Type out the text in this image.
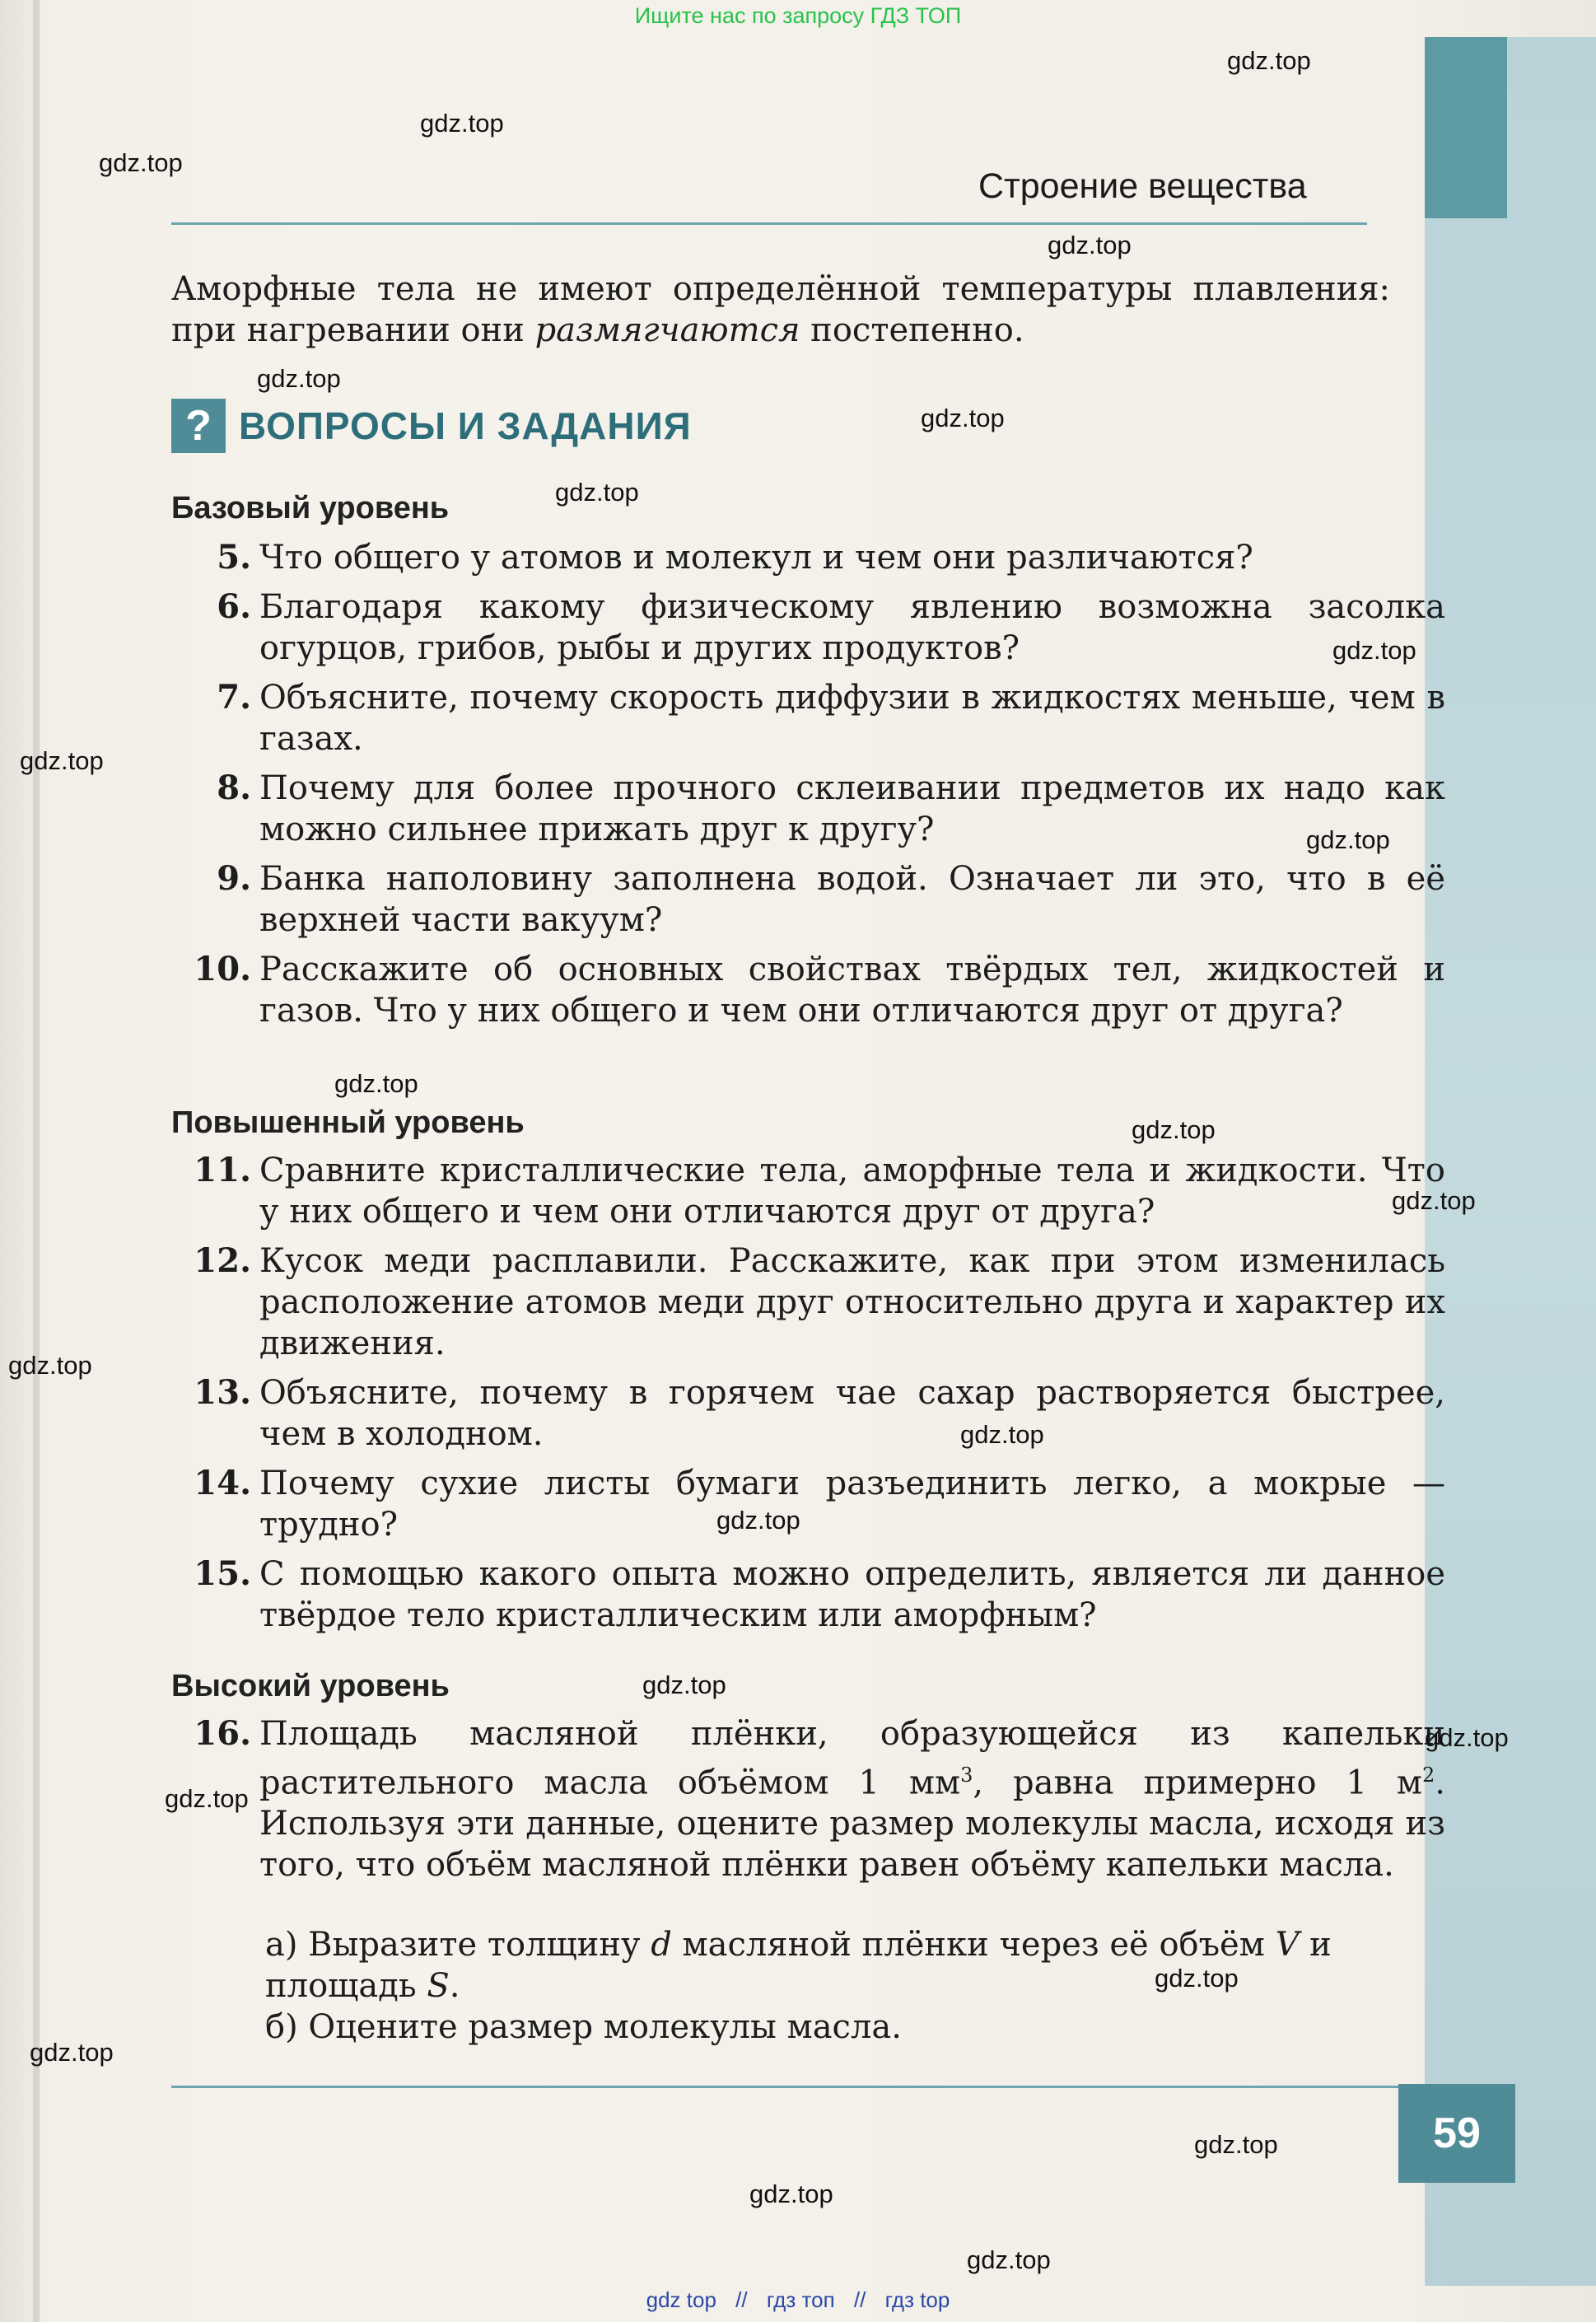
Ищите нас по запросу ГДЗ ТОП
Строение вещества
Аморфные тела не имеют определённой температуры плавления: при нагревании они размягчаются постепенно.
? ВОПРОСЫ И ЗАДАНИЯ
Базовый уровень
5. Что общего у атомов и молекул и чем они различаются?
6. Благодаря какому физическому явлению возможна засолка огурцов, грибов, рыбы и других продуктов?
7. Объясните, почему скорость диффузии в жидкостях меньше, чем в газах.
8. Почему для более прочного склеивании предметов их надо как можно сильнее прижать друг к другу?
9. Банка наполовину заполнена водой. Означает ли это, что в её верхней части вакуум?
10. Расскажите об основных свойствах твёрдых тел, жидкостей и газов. Что у них общего и чем они отличаются друг от друга?
Повышенный уровень
11. Сравните кристаллические тела, аморфные тела и жидкости. Что у них общего и чем они отличаются друг от друга?
12. Кусок меди расплавили. Расскажите, как при этом изменилась расположение атомов меди друг относительно друга и характер их движения.
13. Объясните, почему в горячем чае сахар растворяется быстрее, чем в холодном.
14. Почему сухие листы бумаги разъединить легко, а мокрые — трудно?
15. С помощью какого опыта можно определить, является ли данное твёрдое тело кристаллическим или аморфным?
Высокий уровень
16. Площадь масляной плёнки, образующейся из капельки растительного масла объёмом 1 $мм^3$, равна примерно 1 $м^2$. Используя эти данные, оцените размер молекулы масла, исходя из того, что объём масляной плёнки равен объёму капельки масла.
а) Выразите толщину d масляной плёнки через её объём V и площадь S.
б) Оцените размер молекулы масла.
59
gdz.top
gdz.top
gdz.top
gdz.top
gdz.top
gdz.top
gdz.top
gdz.top
gdz.top
gdz.top
gdz.top
gdz.top
gdz.top
gdz.top
gdz.top
gdz.top
gdz.top
gdz.top
gdz.top
gdz.top
gdz.top
gdz.top
gdz.top
gdz.top
gdz top // гдз топ // гдз top
